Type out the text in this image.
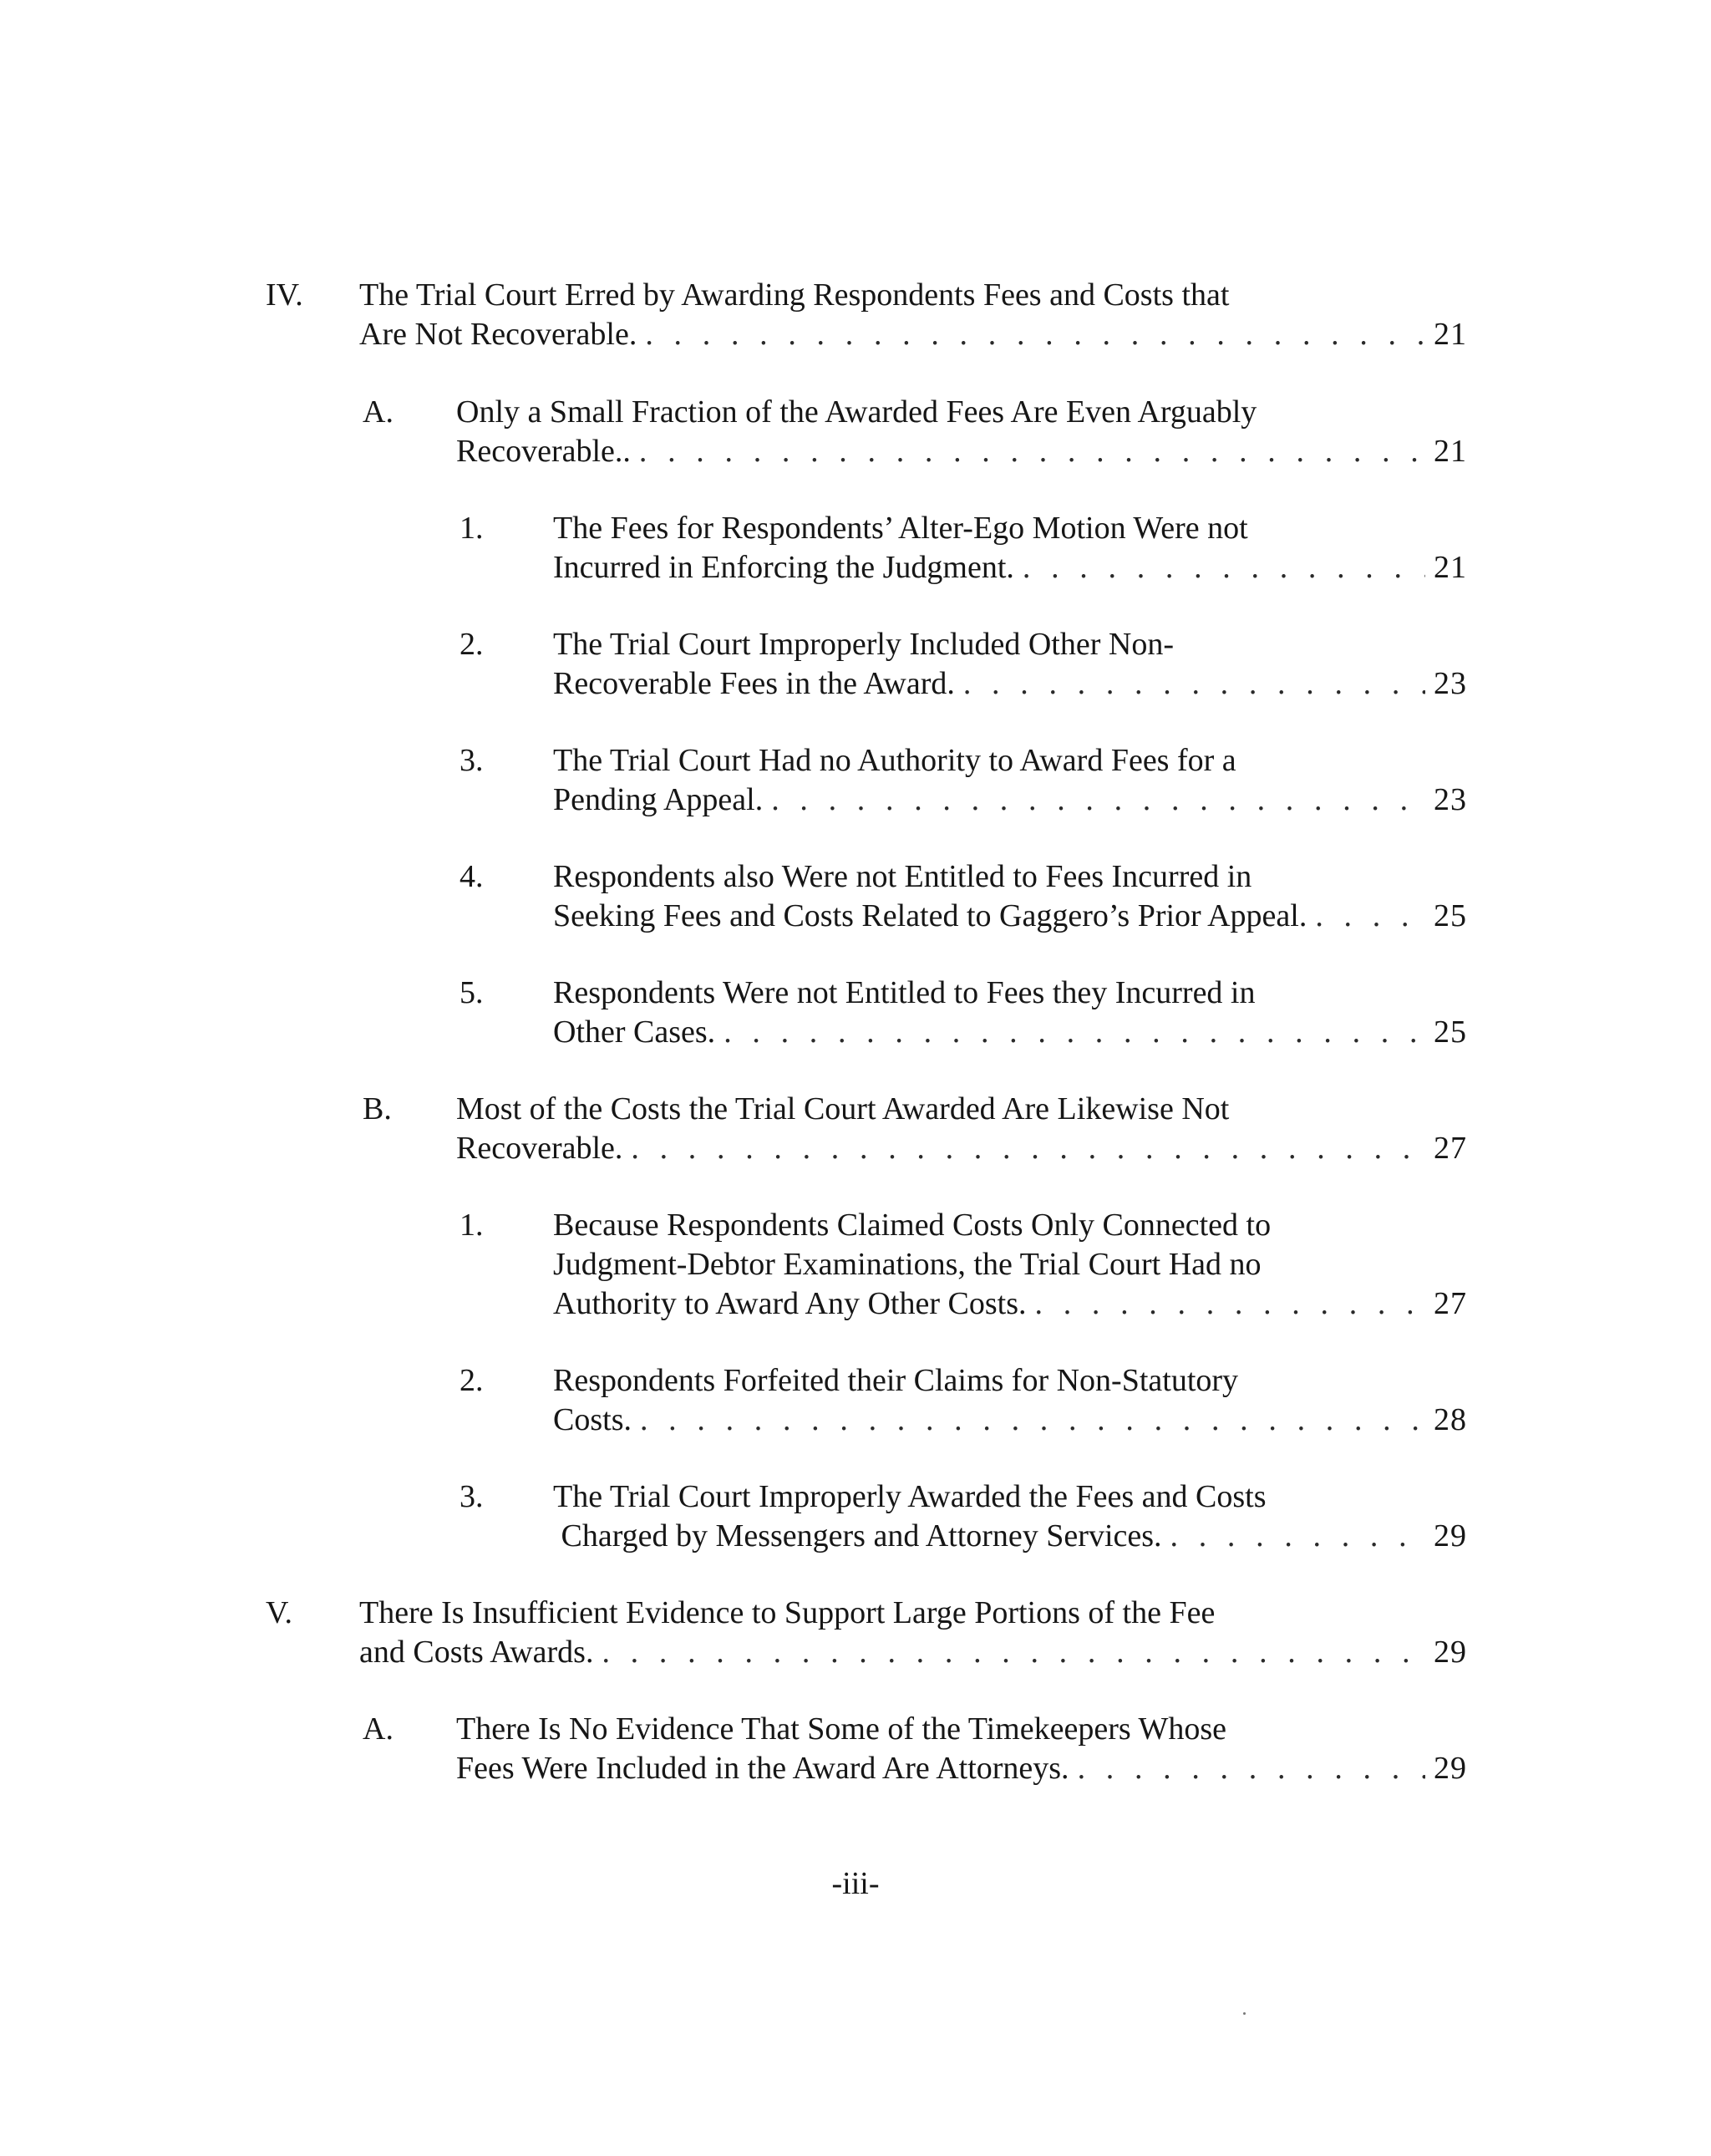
IV. The Trial Court Erred by Awarding Respondents Fees and Costs that
Are Not Recoverable. . . .	21
A. Only a Small Fraction of the Awarded Fees Are Even Arguably
Recoverable.. . . .	21
1. The Fees for Respondents’ Alter-Ego Motion Were not
Incurred in Enforcing the Judgment. . . .	21
2. The Trial Court Improperly Included Other Non-
Recoverable Fees in the Award. . . .	23
3. The Trial Court Had no Authority to Award Fees for a
Pending Appeal. . . .	23
4. Respondents also Were not Entitled to Fees Incurred in
Seeking Fees and Costs Related to Gaggero’s Prior Appeal. . . .	25
5. Respondents Were not Entitled to Fees they Incurred in
Other Cases. . . .	25
B. Most of the Costs the Trial Court Awarded Are Likewise Not
Recoverable. . . .	27
1. Because Respondents Claimed Costs Only Connected to
Judgment-Debtor Examinations, the Trial Court Had no
Authority to Award Any Other Costs. . . .	27
2. Respondents Forfeited their Claims for Non-Statutory
Costs. . . .	28
3. The Trial Court Improperly Awarded the Fees and Costs
Charged by Messengers and Attorney Services. . . .	29
V. There Is Insufficient Evidence to Support Large Portions of the Fee
and Costs Awards. . . .	29
A. There Is No Evidence That Some of the Timekeepers Whose
Fees Were Included in the Award Are Attorneys. . . .	29
-iii-
